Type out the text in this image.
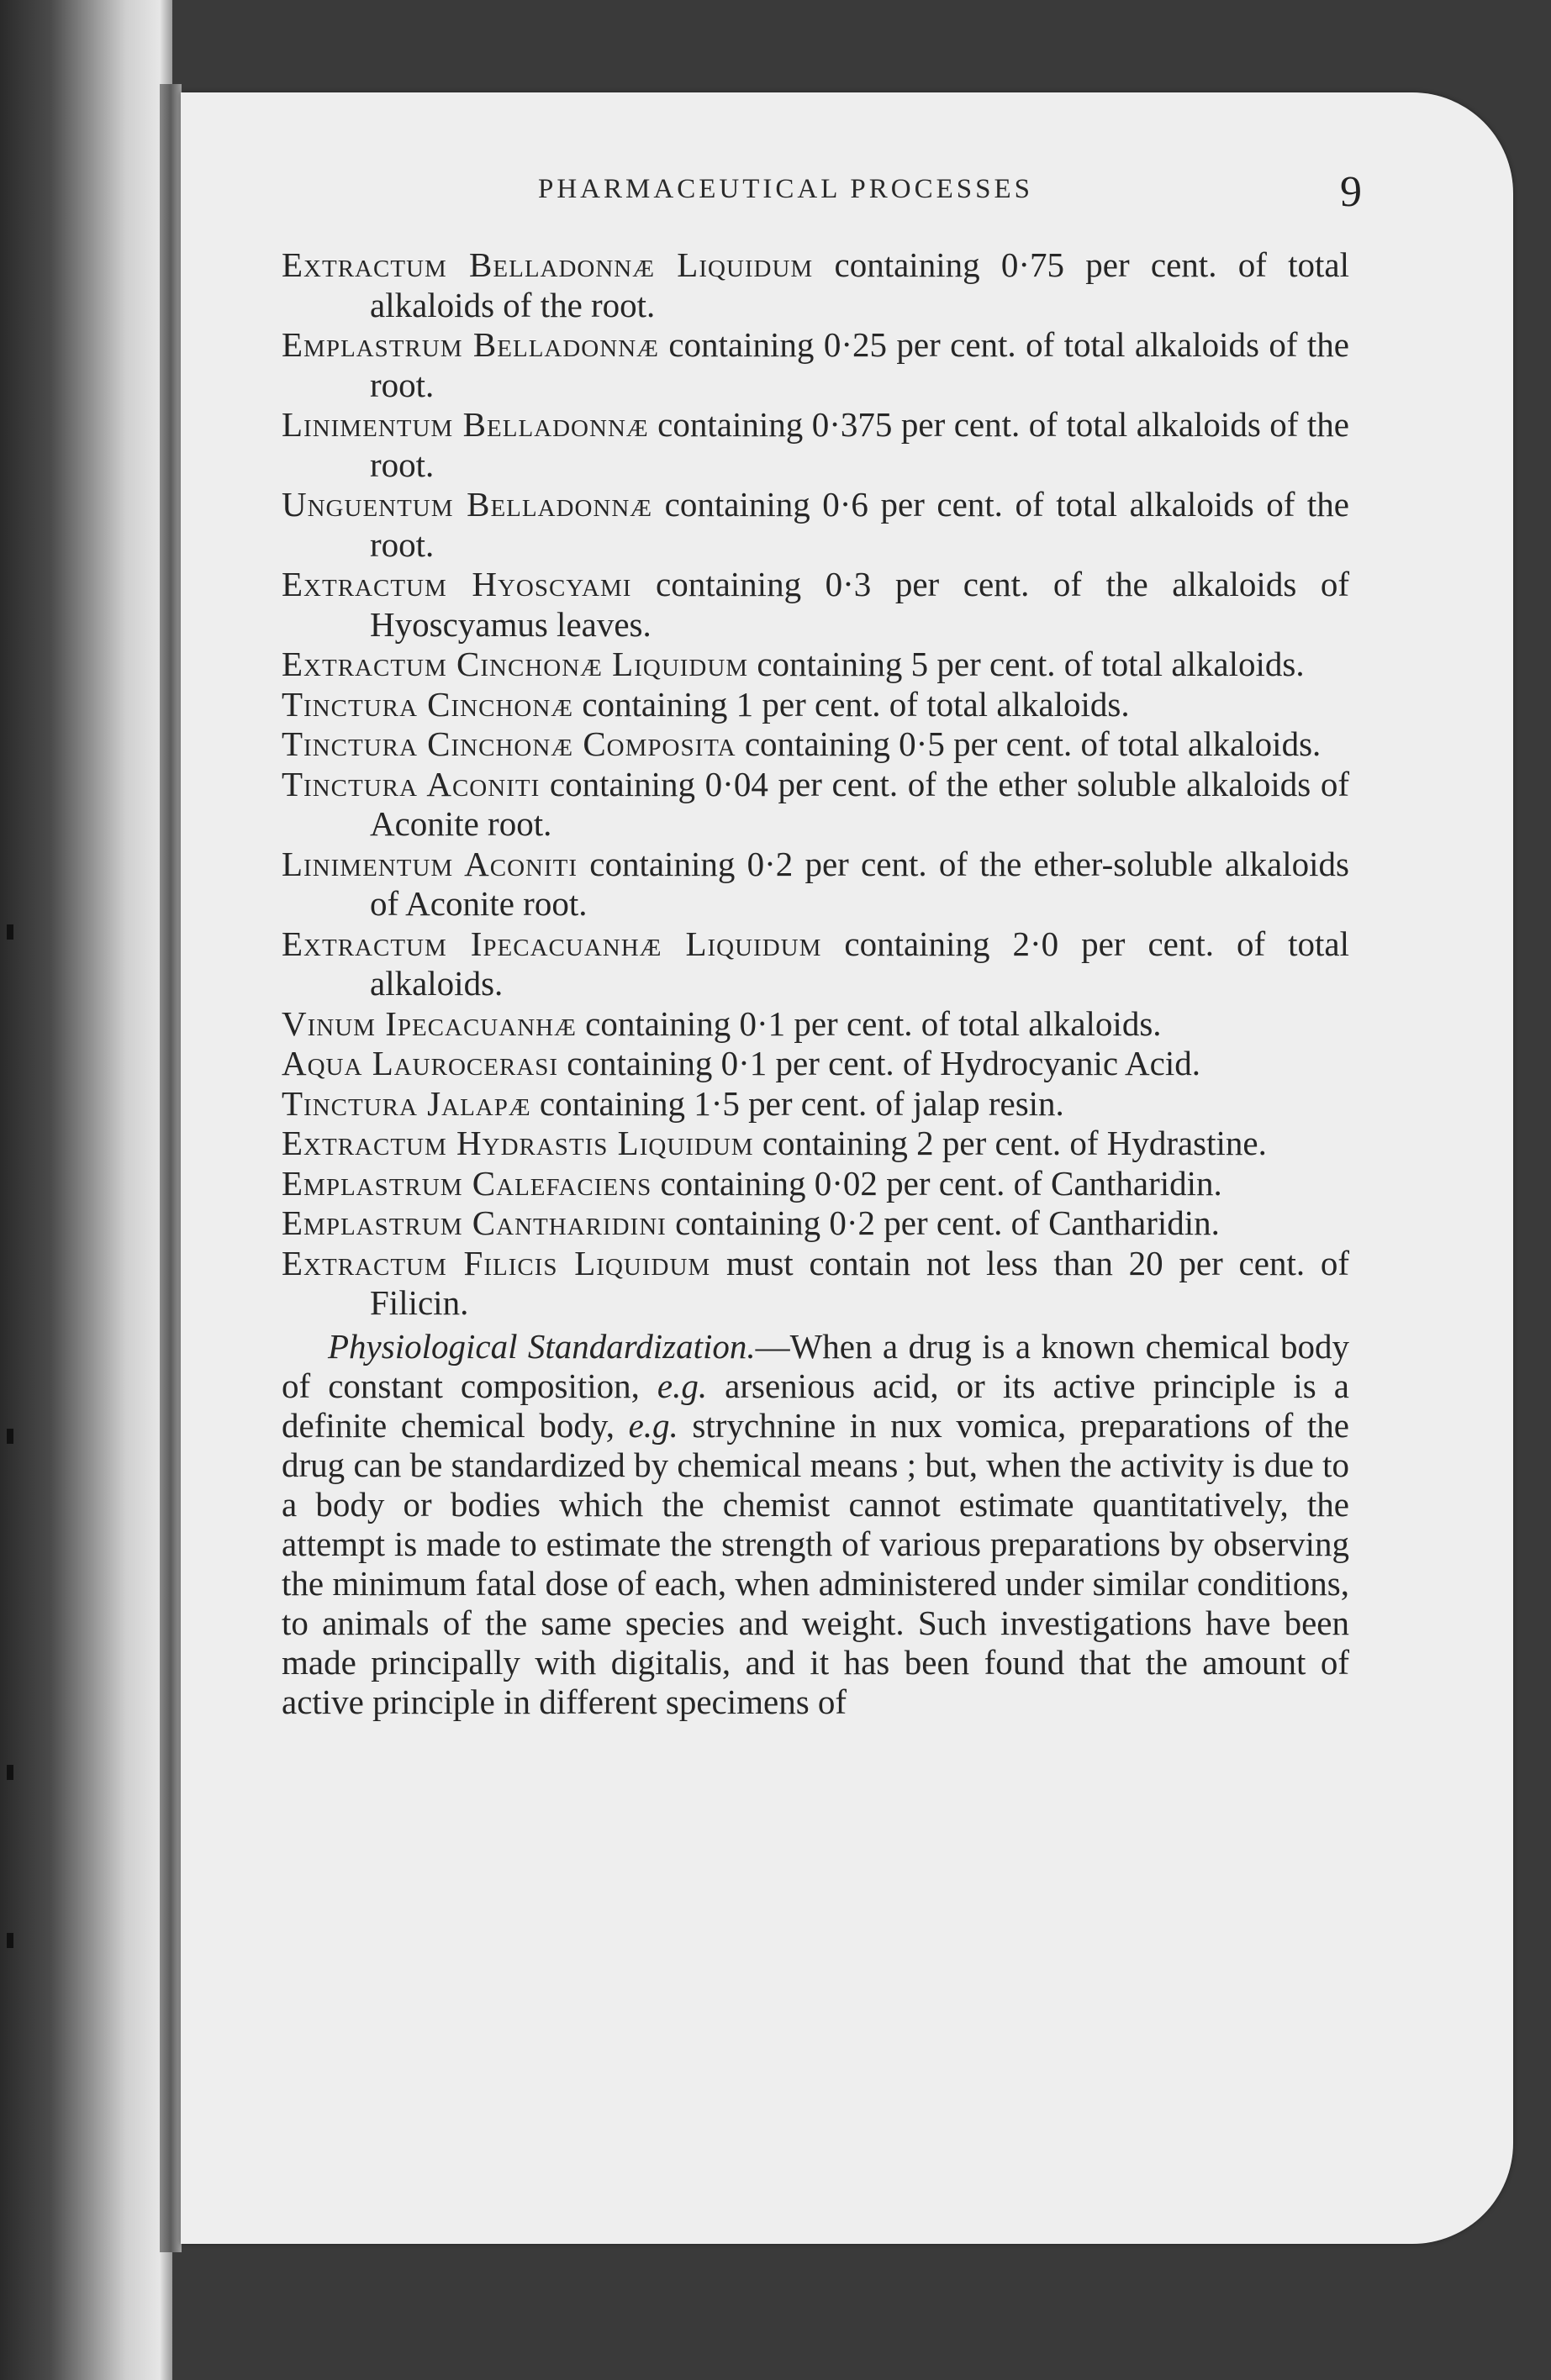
PHARMACEUTICAL PROCESSES	9

Extractum Belladonnæ Liquidum containing 0·75 per cent. of total alkaloids of the root.

Emplastrum Belladonnæ containing 0·25 per cent. of total alkaloids of the root.

Linimentum Belladonnæ containing 0·375 per cent. of total alkaloids of the root.

Unguentum Belladonnæ containing 0·6 per cent. of total alkaloids of the root.

Extractum Hyoscyami containing 0·3 per cent. of the alkaloids of Hyoscyamus leaves.

Extractum Cinchonæ Liquidum containing 5 per cent. of total alkaloids.

Tinctura Cinchonæ containing 1 per cent. of total alkaloids.

Tinctura Cinchonæ Composita containing 0·5 per cent. of total alkaloids.

Tinctura Aconiti containing 0·04 per cent. of the ether soluble alkaloids of Aconite root.

Linimentum Aconiti containing 0·2 per cent. of the ether-soluble alkaloids of Aconite root.

Extractum Ipecacuanhæ Liquidum containing 2·0 per cent. of total alkaloids.

Vinum Ipecacuanhæ containing 0·1 per cent. of total alkaloids.

Aqua Laurocerasi containing 0·1 per cent. of Hydrocyanic Acid.

Tinctura Jalapæ containing 1·5 per cent. of jalap resin.

Extractum Hydrastis Liquidum containing 2 per cent. of Hydrastine.

Emplastrum Calefaciens containing 0·02 per cent. of Cantharidin.

Emplastrum Cantharidini containing 0·2 per cent. of Cantharidin.

Extractum Filicis Liquidum must contain not less than 20 per cent. of Filicin.

Physiological Standardization.—When a drug is a known chemical body of constant composition, e.g. arsenious acid, or its active principle is a definite chemical body, e.g. strychnine in nux vomica, preparations of the drug can be standardized by chemical means ; but, when the activity is due to a body or bodies which the chemist cannot estimate quantitatively, the attempt is made to estimate the strength of various preparations by observing the minimum fatal dose of each, when administered under similar conditions, to animals of the same species and weight. Such investigations have been made principally with digitalis, and it has been found that the amount of active principle in different specimens of
